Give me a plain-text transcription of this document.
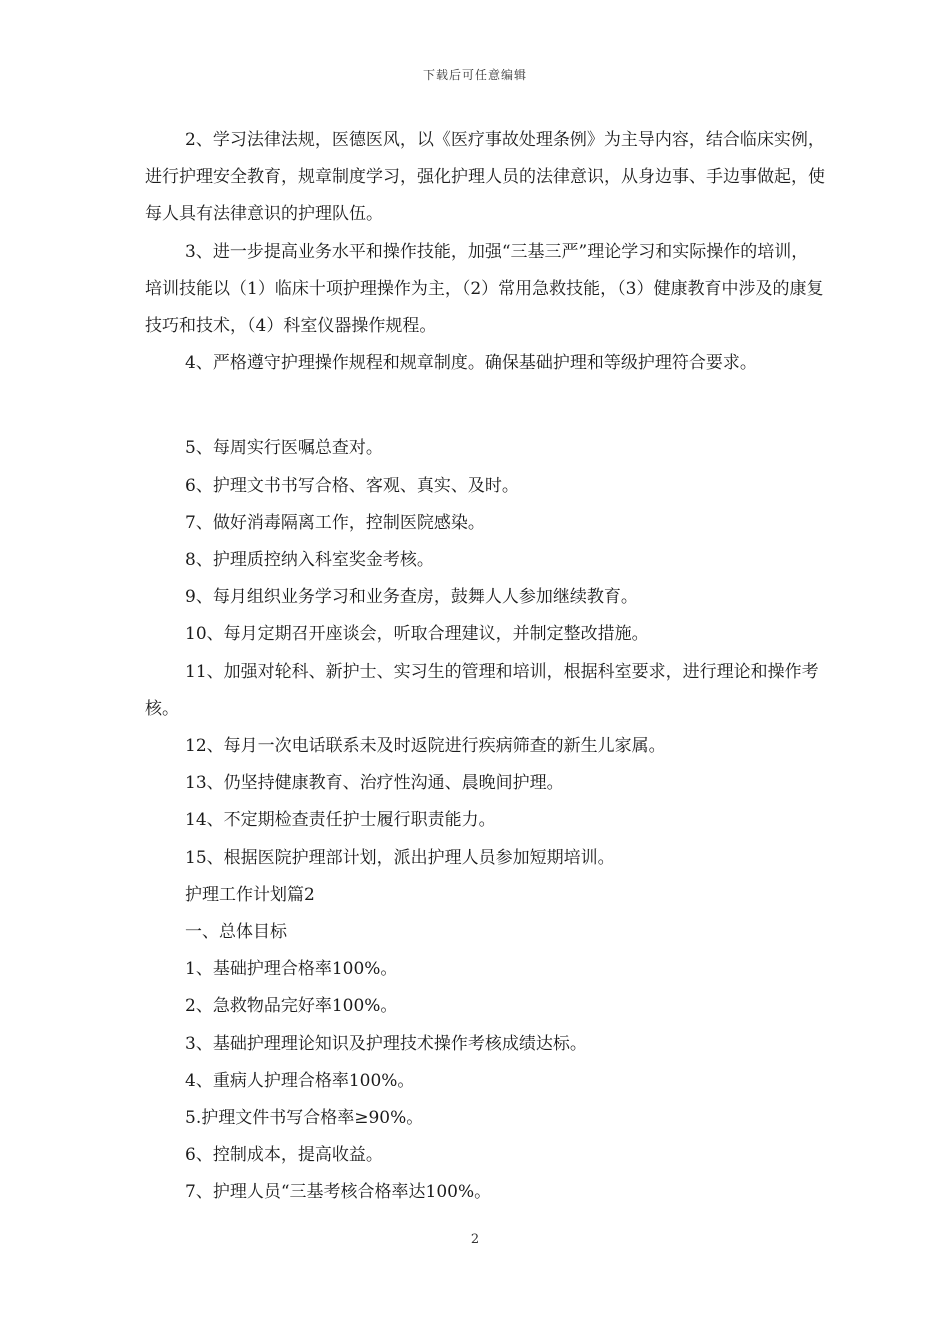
下载后可任意编辑

2、学习法律法规，医德医风，以《医疗事故处理条例》为主导内容，结合临床实例，进行护理安全教育，规章制度学习，强化护理人员的法律意识，从身边事、手边事做起，使每人具有法律意识的护理队伍。

3、进一步提高业务水平和操作技能，加强“三基三严”理论学习和实际操作的培训，培训技能以（1）临床十项护理操作为主，（2）常用急救技能，（3）健康教育中涉及的康复技巧和技术，（4）科室仪器操作规程。

4、严格遵守护理操作规程和规章制度。确保基础护理和等级护理符合要求。

5、每周实行医嘱总查对。

6、护理文书书写合格、客观、真实、及时。

7、做好消毒隔离工作，控制医院感染。

8、护理质控纳入科室奖金考核。

9、每月组织业务学习和业务查房，鼓舞人人参加继续教育。

10、每月定期召开座谈会，听取合理建议，并制定整改措施。

11、加强对轮科、新护士、实习生的管理和培训，根据科室要求，进行理论和操作考核。

12、每月一次电话联系未及时返院进行疾病筛查的新生儿家属。

13、仍坚持健康教育、治疗性沟通、晨晚间护理。

14、不定期检查责任护士履行职责能力。

15、根据医院护理部计划，派出护理人员参加短期培训。

护理工作计划篇2

一、总体目标

1、基础护理合格率100%。

2、急救物品完好率100%。

3、基础护理理论知识及护理技术操作考核成绩达标。

4、重病人护理合格率100%。

5.护理文件书写合格率≥90%。

6、控制成本，提高收益。

7、护理人员“三基考核合格率达100%。

2
